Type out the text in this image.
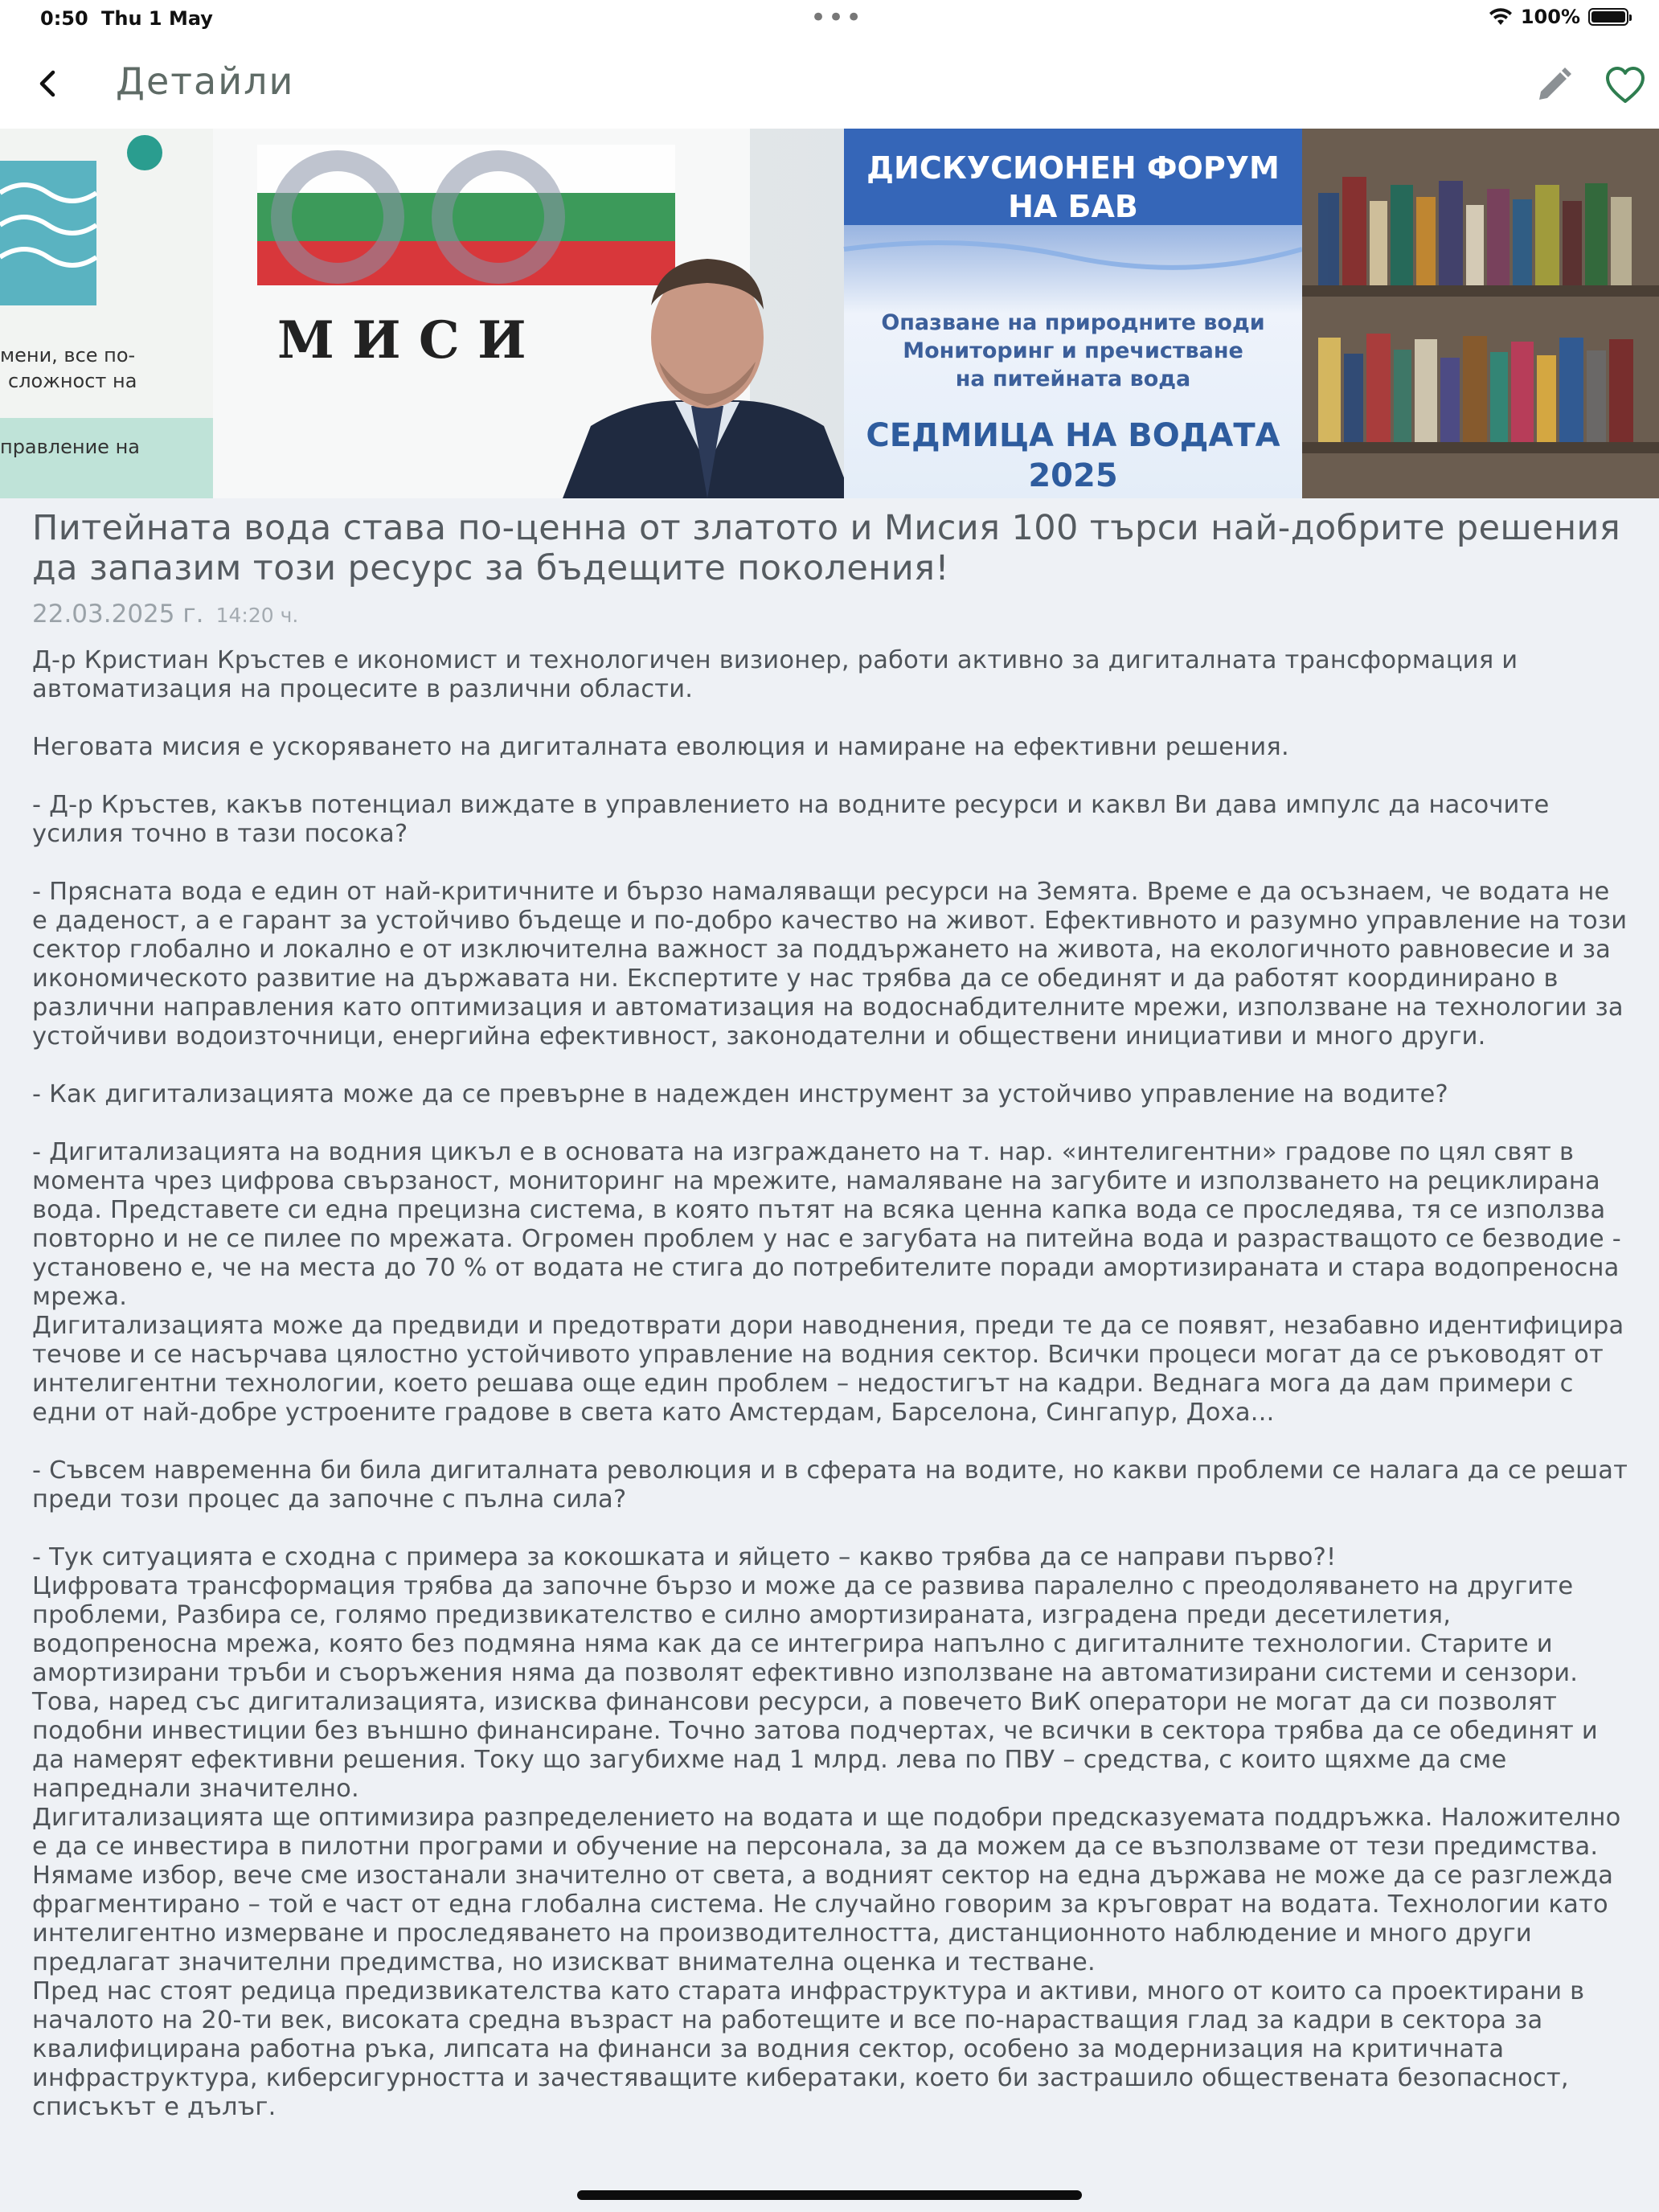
0:50 Thu 1 May	•••	100%
Детайли
мени, все по-
сложност на
правление на
М И С И
ДИСКУСИОНЕН ФОРУМ
НА БАВ
Опазване на природните води
Мониторинг и пречистване
на питейната вода
СЕДМИЦА НА ВОДАТА
2025
Питейната вода става по-ценна от златото и Мисия 100 търси най-добрите решения да запазим този ресурс за бъдещите поколения!
22.03.2025 г. 14:20 ч.
Д-р Кристиан Кръстев е икономист и технологичен визионер, работи активно за дигиталната трансформация и автоматизация на процесите в различни области.

Неговата мисия е ускоряването на дигиталната еволюция и намиране на ефективни решения.

- Д-р Кръстев, какъв потенциал виждате в управлението на водните ресурси и каквл Ви дава импулс да насочите усилия точно в тази посока?

- Прясната вода е един от най-критичните и бързо намаляващи ресурси на Земята. Време е да осъзнаем, че водата не е даденост, а е гарант за устойчиво бъдеще и по-добро качество на живот. Ефективното и разумно управление на този сектор глобално и локално е от изключителна важност за поддържането на живота, на екологичното равновесие и за икономическото развитие на държавата ни. Експертите у нас трябва да се обединят и да работят координирано в различни направления като оптимизация и автоматизация на водоснабдителните мрежи, използване на технологии за устойчиви водоизточници, енергийна ефективност, законодателни и обществени инициативи и много други.

- Как дигитализацията може да се превърне в надежден инструмент за устойчиво управление на водите?

- Дигитализацията на водния цикъл е в основата на изграждането на т. нар. «интелигентни» градове по цял свят в момента чрез цифрова свързаност, мониторинг на мрежите, намаляване на загубите и използването на рециклирана вода. Представете си една прецизна система, в която пътят на всяка ценна капка вода се проследява, тя се използва повторно и не се пилее по мрежата. Огромен проблем у нас е загубата на питейна вода и разрастващото се безводие - установено е, че на места до 70 % от водата не стига до потребителите поради амортизираната и стара водопреносна мрежа.
Дигитализацията може да предвиди и предотврати дори наводнения, преди те да се появят, незабавно идентифицира течове и се насърчава цялостно устойчивото управление на водния сектор. Всички процеси могат да се ръководят от интелигентни технологии, което решава още един проблем – недостигът на кадри. Веднага мога да дам примери с едни от най-добре устроените градове в света като Амстердам, Барселона, Сингапур, Доха...

- Съвсем навременна би била дигиталната революция и в сферата на водите, но какви проблеми се налага да се решат преди този процес да започне с пълна сила?

- Тук ситуацията е сходна с примера за кокошката и яйцето – какво трябва да се направи първо?!
Цифровата трансформация трябва да започне бързо и може да се развива паралелно с преодоляването на другите проблеми, Разбира се, голямо предизвикателство е силно амортизираната, изградена преди десетилетия, водопреносна мрежа, която без подмяна няма как да се интегрира напълно с дигиталните технологии. Старите и амортизирани тръби и съоръжения няма да позволят ефективно използване на автоматизирани системи и сензори. Това, наред със дигитализацията, изисква финансови ресурси, а повечето ВиК оператори не могат да си позволят подобни инвестиции без външно финансиране. Точно затова подчертах, че всички в сектора трябва да се обединят и да намерят ефективни решения. Току що загубихме над 1 млрд. лева по ПВУ – средства, с които щяхме да сме напреднали значително.
Дигитализацията ще оптимизира разпределението на водата и ще подобри предсказуемата поддръжка. Наложително е да се инвестира в пилотни програми и обучение на персонала, за да можем да се възползваме от тези предимства. Нямаме избор, вече сме изостанали значително от света, а водният сектор на една държава не може да се разглежда фрагментирано – той е част от една глобална система. Не случайно говорим за кръговрат на водата. Технологии като интелигентно измерване и проследяването на производителността, дистанционното наблюдение и много други предлагат значителни предимства, но изискват внимателна оценка и тестване.
Пред нас стоят редица предизвикателства като старата инфраструктура и активи, много от които са проектирани в началото на 20-ти век, високата средна възраст на работещите и все по-нарастващия глад за кадри в сектора за квалифицирана работна ръка, липсата на финанси за водния сектор, особено за модернизация на критичната инфраструктура, киберсигурността и зачестяващите кибератаки, което би застрашило обществената безопасност, списъкът е дълъг.
